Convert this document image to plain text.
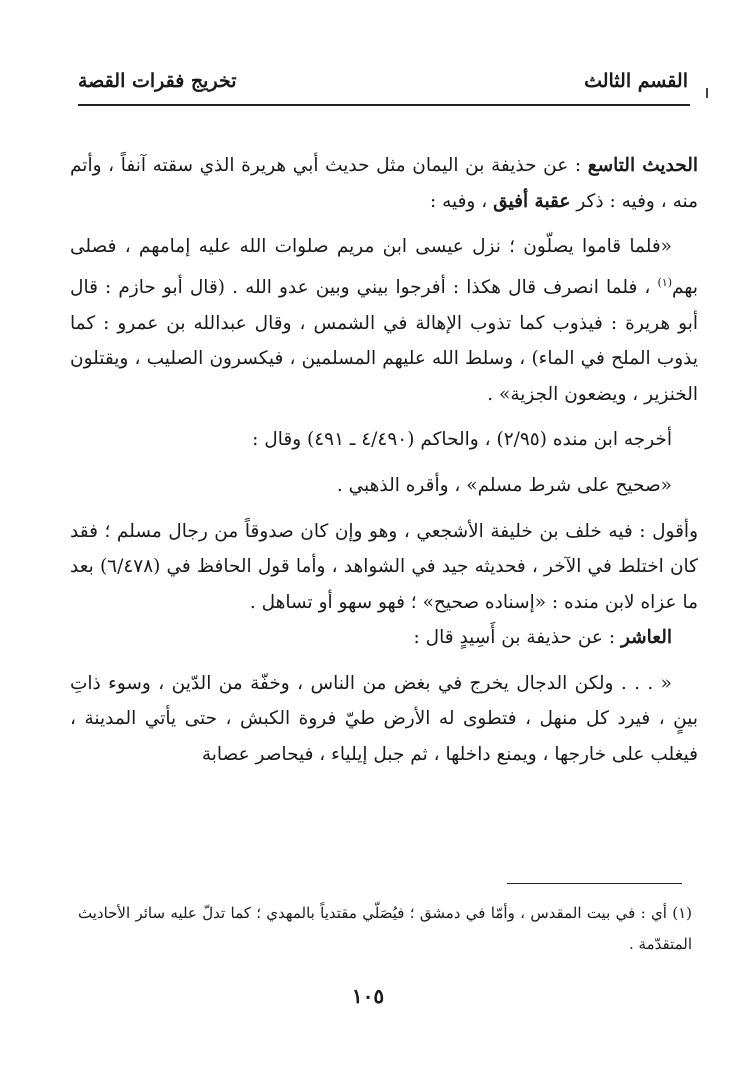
القسم الثالث
تخريج فقرات القصة

الحديث التاسع : عن حذيفة بن اليمان مثل حديث أبي هريرة الذي سقته آنفاً ، وأتم منه ، وفيه : ذكر عقبة أفيق ، وفيه :

«فلما قاموا يصلّون ؛ نزل عيسى ابن مريم صلوات الله عليه إمامهم ، فصلى بهم$^{(١)}$ ، فلما انصرف قال هكذا : أفرجوا بيني وبين عدو الله . (قال أبو حازم : قال أبو هريرة : فيذوب كما تذوب الإهالة في الشمس ، وقال عبدالله بن عمرو : كما يذوب الملح في الماء) ، وسلط الله عليهم المسلمين ، فيكسرون الصليب ، ويقتلون الخنزير ، ويضعون الجزية» .

أخرجه ابن منده (٢/٩٥) ، والحاكم (٤/٤٩٠ ـ ٤٩١) وقال :

«صحيح على شرط مسلم» ، وأقره الذهبي .

وأقول : فيه خلف بن خليفة الأشجعي ، وهو وإن كان صدوقاً من رجال مسلم ؛ فقد كان اختلط في الآخر ، فحديثه جيد في الشواهد ، وأما قول الحافظ في (٦/٤٧٨) بعد ما عزاه لابن منده : «إسناده صحيح» ؛ فهو سهو أو تساهل .

العاشر : عن حذيفة بن أَسِيدٍ قال :

« . . . ولكن الدجال يخرج في بغض من الناس ، وخفّة من الدّين ، وسوء ذاتِ بينٍ ، فيرد كل منهل ، فتطوى له الأرض طيّ فروة الكبش ، حتى يأتي المدينة ، فيغلب على خارجها ، ويمنع داخلها ، ثم جبل إيلياء ، فيحاصر عصابة

(١) أي : في بيت المقدس ، وأمّا في دمشق ؛ فيُصَلّي مقتدياً بالمهدي ؛ كما تدلّ عليه سائر الأحاديث المتقدّمة .
١٠٥
